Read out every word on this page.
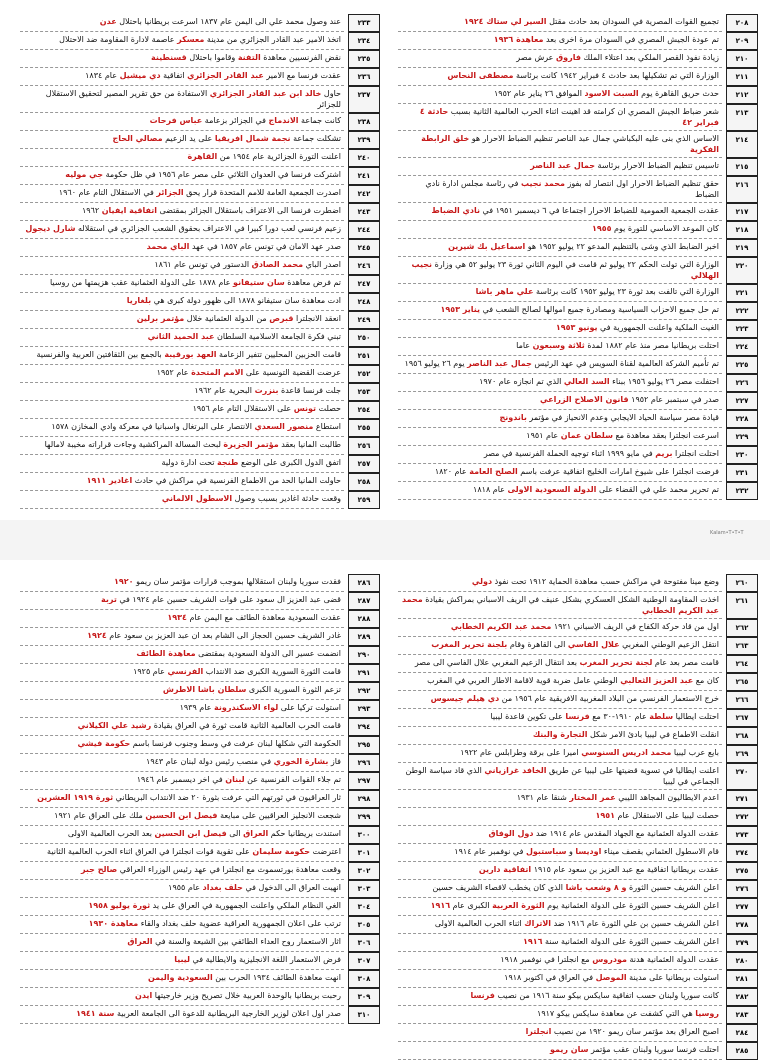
٢٠٨
تجميع القوات المصرية في السودان بعد حادث مقتل السير لي ستاك ١٩٢٤
٢٠٩
تم عودة الجيش المصري في السودان مرة اخرى بعد معاهدة ١٩٣٦
٢١٠
زيادة نفوذ القصر الملكي بعد اعتلاء الملك فاروق عرش مصر
٢١١
الوزارة التي تم تشكيلها بعد حادث ٤ فبراير ١٩٤٢ كانت برئاسة مصطفى النحاس
٢١٢
حدث حريق القاهرة يوم السبت الاسود الموافق ٢٦ يناير عام ١٩٥٢
٢١٣
شعر ضباط الجيش المصري ان كرامته قد اهينت اثناء الحرب العالمية الثانية بسبب حادثة ٤ فبراير ٤٢
٢١٤
الاساس الذي بنى عليه البكباشي جمال عبد الناصر تنظيم الضباط الاحرار هو خلق الرابطة الفكرية
٢١٥
تاسيس تنظيم الضباط الاحرار برئاسة جمال عبد الناصر
٢١٦
حقق تنظيم الضباط الاحرار اول انتصار له بفوز محمد نجيب في رئاسة مجلس ادارة نادي الضباط
٢١٧
عقدت الجمعية العمومية للضباط الاحرار اجتماعا في ٦ ديسمبر ١٩٥١ في نادي الضباط
٢١٨
كان الموعد الاساسي للتورة يوم ١٩٥٥
٢١٩
اخبر الضابط الذي وشى بالتنظيم المدعو ٢٢ يوليو ١٩٥٢ هو اسماعيل بك شيرين
٢٢٠
الوزارة التي تولت الحكم ٢٢ يوليو ثم قامت في اليوم الثاني ثورة ٢٣ يوليو ٥٢ هي وزارة نجيب الهلالي
٢٢١
الوزارة التي تالفت بعد ثورة ٢٣ يوليو ١٩٥٢ كانت برئاسة علي ماهر باشا
٢٢٢
تم حل جميع الاحزاب السياسية ومصادرة جميع اموالها لصالح الشعب في يناير ١٩٥٣
٢٢٣
الغيت الملكية واعلنت الجمهورية في يونيو ١٩٥٣
٢٢٤
احتلت بريطانيا مصر منذ عام ١٨٨٢ لمدة ثلاثة وسبعون عاما
٢٢٥
تم تأميم الشركة العالمية لقناة السويس في عهد الرئيس جمال عبد الناصر يوم ٢٦ يوليو ١٩٥٦
٢٢٦
احتفلت مصر ٢٦ يوليو ١٩٥٦ ببناء السد العالي الذي تم انجازه عام ١٩٧٠
٢٢٧
صدر في سبتمبر عام ١٩٥٢ قانون الاصلاح الزراعي
٢٢٨
قيادة مصر سياسة الحياد الايجابي وعدم الانحياز في مؤتمر باندونج
٢٢٩
اسرعت انجلترا بعقد معاهدة مع سلطان عمان عام ١٩٥١
٢٣٠
احتلت انجلترا بريم في مايو ١٩٩٩ اثناء توجيه الحملة الفرنسية في مصر
٢٣١
فرضت انجلترا على شيوخ امارات الخليج اتفاقية عرفت باسم الصلح العامة عام ١٨٢٠
٢٣٢
تم تحرير محمد علي في القضاء على الدولة السعودية الاولى عام ١٨١٨
٢٣٣
عند وصول محمد علي الى اليمن عام ١٨٣٧ اسرعت بريطانيا باحتلال عدن
٢٣٤
اتخذ الامير عبد القادر الجزائري من مدينة معسكر عاصمة لادارة المقاومة ضد الاحتلال
٢٣٥
نقض الفرنسيين معاهدة التفنة وقاموا باحتلال قسنطينة
٢٣٦
عقدت فرنسا مع الامير عبد القادر الجزائري اتفاقية دي ميشيل عام ١٨٣٤
٢٣٧
حاول خالد ابن عبد القادر الجزائري الاستفادة من حق تقرير المصير لتحقيق الاستقلال للجزائر
٢٣٨
كانت جماعة الاندماج في الجزائر بزعامة عباس فرحات
٢٣٩
تشكلت جماعة نجمة شمال افريقيا على يد الزعيم مصالي الحاج
٢٤٠
اعلنت التورة الجزائرية عام ١٩٥٤ من القاهرة
٢٤١
اشتركت فرنسا في العدوان الثلاثي على مصر عام ١٩٥٦ في ظل حكومة جي موليه
٢٤٢
اصدرت الجمعية العامة للامم المتحدة قرار يحق الجزائر في الاستقلال التام عام ١٩٦٠
٢٤٣
اضطرت فرنسا الى الاعتراف باستقلال الجزائر بمقتضى اتفاقية ايفيان ١٩٦٢
٢٤٤
زعيم فرنسي لعب دورا كبيرا في الاعتراف بحقوق الشعب الجزائري في استقلاله شارل ديجول
٢٤٥
صدر عهد الامان في تونس عام ١٨٥٧ في عهد الباي محمد
٢٤٦
اصدر الباي محمد الصادق الدستور في تونس عام ١٨٦١
٢٤٧
تم فرض معاهدة سان ستيفانو عام ١٨٧٨ على الدولة العثمانية عقب هزيمتها من روسيا
٢٤٨
ادت معاهدة سان ستيفانو ١٨٧٨ الى ظهور دولة كبرى هي بلغاريا
٢٤٩
انعقد الانجلترا قبرص من الدولة العثمانية خلال مؤتمر برلين
٢٥٠
تبني فكرة الجامعة الاسلامية السلطان عبد الحميد الثاني
٢٥١
قامت الحزبين المحليين تتفير الزعامة العهد بورقيبة بالجمع بين الثقافتين العربية والفرنسية
٢٥٢
عرضت القضية التونسية على الامم المتحدة عام ١٩٥٢
٢٥٣
جلت فرنسا قاعدة بنزرت البحرية عام ١٩٦٢
٢٥٤
حصلت تونس على الاستقلال التام عام ١٩٥٦
٢٥٥
استطاع منصور السعدي الانتصار على البرتغال واسبانيا في معركة وادي المخازن ١٥٧٨
٢٥٦
طالبت المانيا بعقد مؤتمر الجزيرة لبحث المسالة المراكشية وجاءت قراراته مخيبة لامالها
٢٥٧
اتفق الدول الكبرى على الوضع طنجة تحت ادارة دولية
٢٥٨
حاولت المانيا الحد من الاطماع الفرنسية في مراكش في حادث اغادير ١٩١١
٢٥٩
وقعت حادثة اغادير بسبب وصول الاسطول الالماني
Kalam•T•T•T
٢٦٠
وضع مينا مفتوحة في مراكش حسب معاهدة الحماية ١٩١٢ تحت نفوذ دولي
٢٦١
اخذت المقاومة الوطنية الشكل العسكري بشكل عنيف في الريف الاسباني بمراكش بقيادة محمد عبد الكريم الخطابي
٢٦٢
اول من قاد حركة الكفاح في الريف الاسباني ١٩٢١ محمد عبد الكريم الخطابي
٢٦٣
انتقل الزعيم الوطني المغربي علال الفاسي الى القاهرة وقام بلجنة تحرير المغرب
٢٦٤
قامت مصر بعد عام لجنة تحرير المغرب بعد انتقال الزعيم المغربي علال الفاسي الى مصر
٢٦٥
كان مع عبد العزيز الثعالبي الوطني عامل ضربة قوية لاقامة الاطار العربي في المغرب
٢٦٦
خرج الاستعمار الفرنسي من البلاد المغربية الافريقية عام ١٩٥٦ من دي هيلم جيسوس
٢٦٧
احتلت ايطاليا سلطة عام ١٩١٠-٣٠ مع فرنسا على تكوين قاعدة ليبيا
٢٦٨
انقلت الاطماع في ليبيا بادئ الامر شكل التجارة والبنك
٢٦٩
بايع عرب ليبيا محمد ادريس السنوسي اميرا على برقة وطرابلس عام ١٩٢٢
٢٧٠
اعلنت ايطاليا في تسوية قضيتها على ليبيا عن طريق الخافد غرازياني الذي قاد سياسة الوطن الجماعي في ليبيا
٢٧١
اعدم الايطاليون المجاهد الليبي عمر المختار شنقا عام ١٩٣١
٢٧٢
حصلت ليبيا على الاستقلال عام ١٩٥١
٢٧٣
عقدت الدولة العثمانية مع الجهاد المقدس عام ١٩١٤ ضد دول الوفاق
٢٧٤
قام الاسطول العثماني بقصف ميناء اوديسا و سباستبول في نوفمبر عام ١٩١٤
٢٧٥
عقدت بريطانيا اتفاقية مع عبد العزيز بن سعود عام ١٩١٥ اتفاقية دارين
٢٧٦
اعلن الشريف حسين الثورة و ٨ وشعب باشا الذي كان يخطب لاقصاء الشريف حسين
٢٧٧
اعلن الشريف حسين الثورة على الدولة العثمانية يوم الثورة العربية الكبرى عام ١٩١٦
٢٧٨
اعلن الشريف حسين بن علي الثورة عام ١٩١٦ ضد الاتراك اثناء الحرب العالمية الاولى
٢٧٩
اعلن الشريف حسين الثورة على الدولة العثمانية سنة ١٩١٦
٢٨٠
عقدت الدولة العثمانية هدنة مودروس مع انجلترا في نوفمبر ١٩١٨
٢٨١
استولت بريطانيا على مدينة الموصل في العراق في اكتوبر ١٩١٨
٢٨٢
كانت سوريا ولبنان حسب اتفاقية سايكس بيكو سنة ١٩١٦ من نصيب فرنسا
٢٨٣
روسيا هي التي كشفت عن معاهدة سايكس بيكو ١٩١٧
٢٨٤
اصبح العراق بعد مؤتمر سان ريمو ١٩٢٠ من نصيب انجلترا
٢٨٥
احتلت فرنسا سوريا ولبنان عقب مؤتمر سان ريمو
٢٨٦
فقدت سوريا ولبنان استقلالها بموجب قرارات مؤتمر سان ريمو ١٩٢٠
٢٨٧
قضى عبد العزيز ال سعود على قوات الشريف حسين عام ١٩٢٤ في تربة
٢٨٨
عقدت السعودية معاهدة الطائف مع اليمن عام ١٩٣٤
٢٨٩
غادر الشريف حسين الحجاز الى الشام بعد ان عبد العزيز بن سعود عام ١٩٢٤
٢٩٠
انضمت عسير الى الدولة السعودية بمقتضى معاهدة الطائف
٢٩١
قامت الثورة السورية الكبرى ضد الانتداب الفرنسي عام ١٩٢٥
٢٩٢
تزعم الثورة السورية الكبرى سلطان باشا الاطرش
٢٩٣
استولت تركيا على لواء الاسكندرونة عام ١٩٣٩
٢٩٤
قامت الحرب العالمية الثانية قامت ثورة في العراق بقيادة رشيد علي الكيلاني
٢٩٥
الحكومة التي شكلها لبنان عرفت في وسط وجنوب فرنسا باسم حكومة فيشي
٢٩٦
فاز بشارة الخوري في منصب رئيس دولة لبنان عام ١٩٤٣
٢٩٧
تم جلاء القوات الفرنسية عن لبنان في اخر ديسمبر عام ١٩٤٦
٢٩٨
ثار العراقيون في ثورتهم التي عرفت بثورة ٢٠ ضد الانتداب البريطاني ثورة ١٩١٩ العشرين
٢٩٩
شجعت الانجليز العراقيين على مبايعة فيصل ابن الحسين ملك على العراق عام ١٩٢١
٣٠٠
استندت بريطانيا حكم العراق الى فيصل ابن الحسين بعد الحرب العالمية الاولى
٣٠١
اعترضت حكومة سليمان على تقوية قوات انجلترا في العراق اثناء الحرب العالمية الثانية
٣٠٢
وقعت معاهدة بورتسموث مع انجلترا في عهد رئيس الوزراء العراقي صالح جبر
٣٠٣
انهيت العراق الى الدخول في حلف بغداد عام ١٩٥٥
٣٠٤
الغي النظام الملكي واعلنت الجمهورية في العراق على يد ثورة يوليو ١٩٥٨
٣٠٥
ترتب على اعلان الجمهورية العراقية عضوية حلف بغداد والقاء معاهدة ١٩٣٠
٣٠٦
اثار الاستعمار روح العداء الطائفي بين الشيعة والسنة في العراق
٣٠٧
فرض الاستعمار اللغة الانجليزية والايطالية في ليبيا
٣٠٨
انهت معاهدة الطائف ١٩٣٤ الحرب بين السعودية واليمن
٣٠٩
رحبت بريطانيا بالوحدة العربية خلال تصريح وزير خارجيتها ايدن
٣١٠
صدر اول اعلان لوزير الخارجية البريطانية للدعوة الى الجامعة العربية سنة ١٩٤١
